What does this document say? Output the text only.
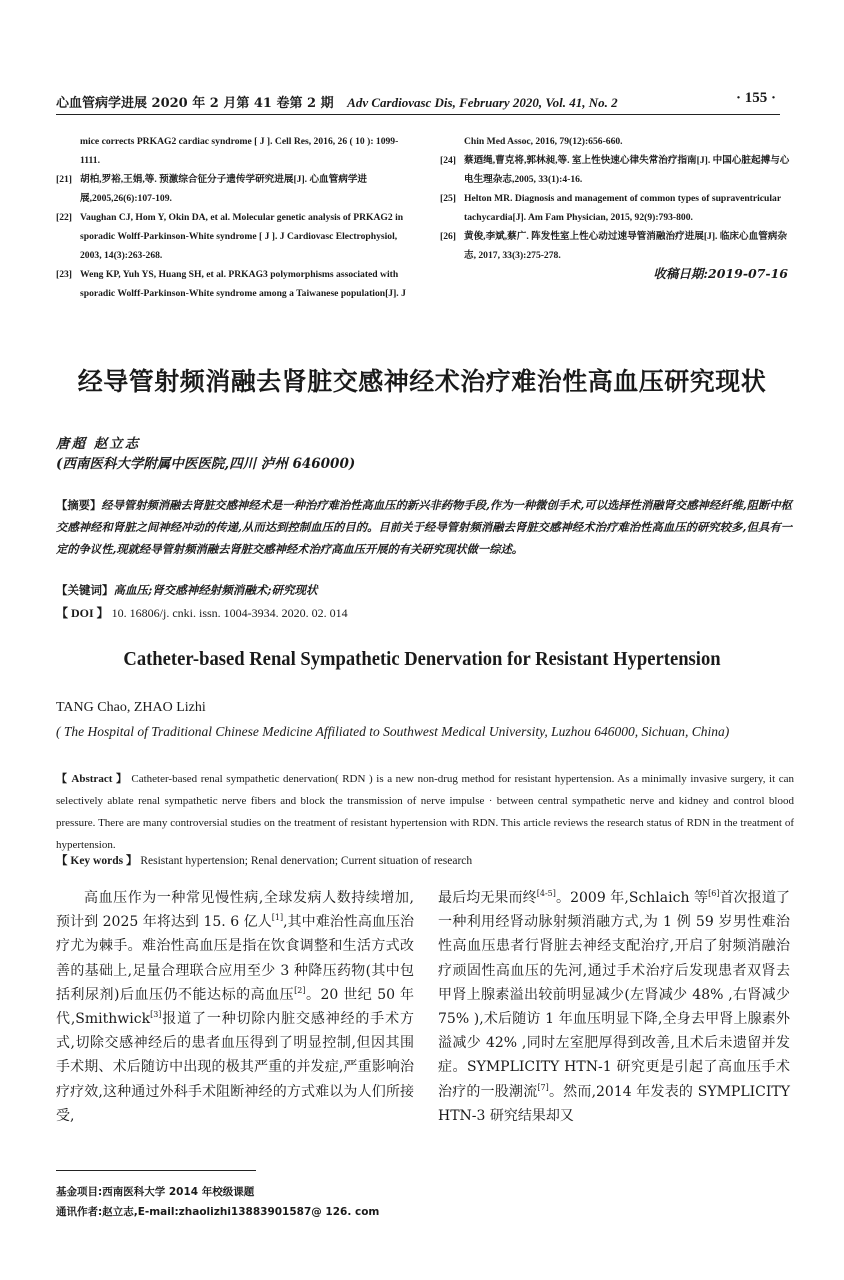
心血管病学进展 2020 年 2 月第 41 卷第 2 期 Adv Cardiovasc Dis, February 2020, Vol. 41, No. 2	· 155 ·
mice corrects PRKAG2 cardiac syndrome [ J ]. Cell Res, 2016, 26 ( 10 ): 1099-1111.
[21] 胡柏,罗裕,王娟,等. 预激综合征分子遗传学研究进展[J]. 心血管病学进展,2005,26(6):107-109.
[22] Vaughan CJ, Hom Y, Okin DA, et al. Molecular genetic analysis of PRKAG2 in sporadic Wolff-Parkinson-White syndrome [ J ]. J Cardiovasc Electrophysiol, 2003, 14(3):263-268.
[23] Weng KP, Yuh YS, Huang SH, et al. PRKAG3 polymorphisms associated with sporadic Wolff-Parkinson-White syndrome among a Taiwanese population[J]. J
Chin Med Assoc, 2016, 79(12):656-660.
[24] 蔡迺绳,曹克将,郭林昶,等. 室上性快速心律失常治疗指南[J]. 中国心脏起搏与心电生理杂志,2005, 33(1):4-16.
[25] Helton MR. Diagnosis and management of common types of supraventricular tachycardia[J]. Am Fam Physician, 2015, 92(9):793-800.
[26] 黄俊,李斌,蔡广. 阵发性室上性心动过速导管消融治疗进展[J]. 临床心血管病杂志, 2017, 33(3):275-278.
收稿日期:2019-07-16
经导管射频消融去肾脏交感神经术治疗难治性高血压研究现状
唐超 赵立志
(西南医科大学附属中医医院,四川 泸州 646000)
【摘要】经导管射频消融去肾脏交感神经术是一种治疗难治性高血压的新兴非药物手段,作为一种微创手术,可以选择性消融肾交感神经纤维,阻断中枢交感神经和肾脏之间神经冲动的传递,从而达到控制血压的目的。目前关于经导管射频消融去肾脏交感神经术治疗难治性高血压的研究较多,但具有一定的争议性,现就经导管射频消融去肾脏交感神经术治疗高血压开展的有关研究现状做一综述。
【关键词】高血压;肾交感神经射频消融术;研究现状
【 DOI 】 10. 16806/j. cnki. issn. 1004-3934. 2020. 02. 014
Catheter-based Renal Sympathetic Denervation for Resistant Hypertension
TANG Chao, ZHAO Lizhi
( The Hospital of Traditional Chinese Medicine Affiliated to Southwest Medical University, Luzhou 646000, Sichuan, China)
【 Abstract 】 Catheter-based renal sympathetic denervation( RDN ) is a new non-drug method for resistant hypertension. As a minimally invasive surgery, it can selectively ablate renal sympathetic nerve fibers and block the transmission of nerve impulse · between central sympathetic nerve and kidney and control blood pressure. There are many controversial studies on the treatment of resistant hypertension with RDN. This article reviews the research status of RDN in the treatment of hypertension.
【 Key words 】 Resistant hypertension; Renal denervation; Current situation of research
高血压作为一种常见慢性病,全球发病人数持续增加,预计到 2025 年将达到 15. 6 亿人[1],其中难治性高血压治疗尤为棘手。难治性高血压是指在饮食调整和生活方式改善的基础上,足量合理联合应用至少 3 种降压药物(其中包括利尿剂)后血压仍不能达标的高血压[2]。20 世纪 50 年代,Smithwick[3]报道了一种切除内脏交感神经的手术方式,切除交感神经后的患者血压得到了明显控制,但因其围手术期、术后随访中出现的极其严重的并发症,严重影响治疗疗效,这种通过外科手术阻断神经的方式难以为人们所接受,
最后均无果而终[4-5]。2009 年,Schlaich 等[6]首次报道了一种利用经肾动脉射频消融方式,为 1 例 59 岁男性难治性高血压患者行肾脏去神经支配治疗,开启了射频消融治疗顽固性高血压的先河,通过手术治疗后发现患者双肾去甲肾上腺素溢出较前明显减少(左肾减少 48% ,右肾减少 75% ),术后随访 1 年血压明显下降,全身去甲肾上腺素外溢减少 42% ,同时左室肥厚得到改善,且术后未遗留并发症。SYMPLICITY HTN-1 研究更是引起了高血压手术治疗的一股潮流[7]。然而,2014 年发表的 SYMPLICITY HTN-3 研究结果却又
基金项目:西南医科大学 2014 年校级课题
通讯作者:赵立志,E-mail:zhaolizhi13883901587@ 126. com
